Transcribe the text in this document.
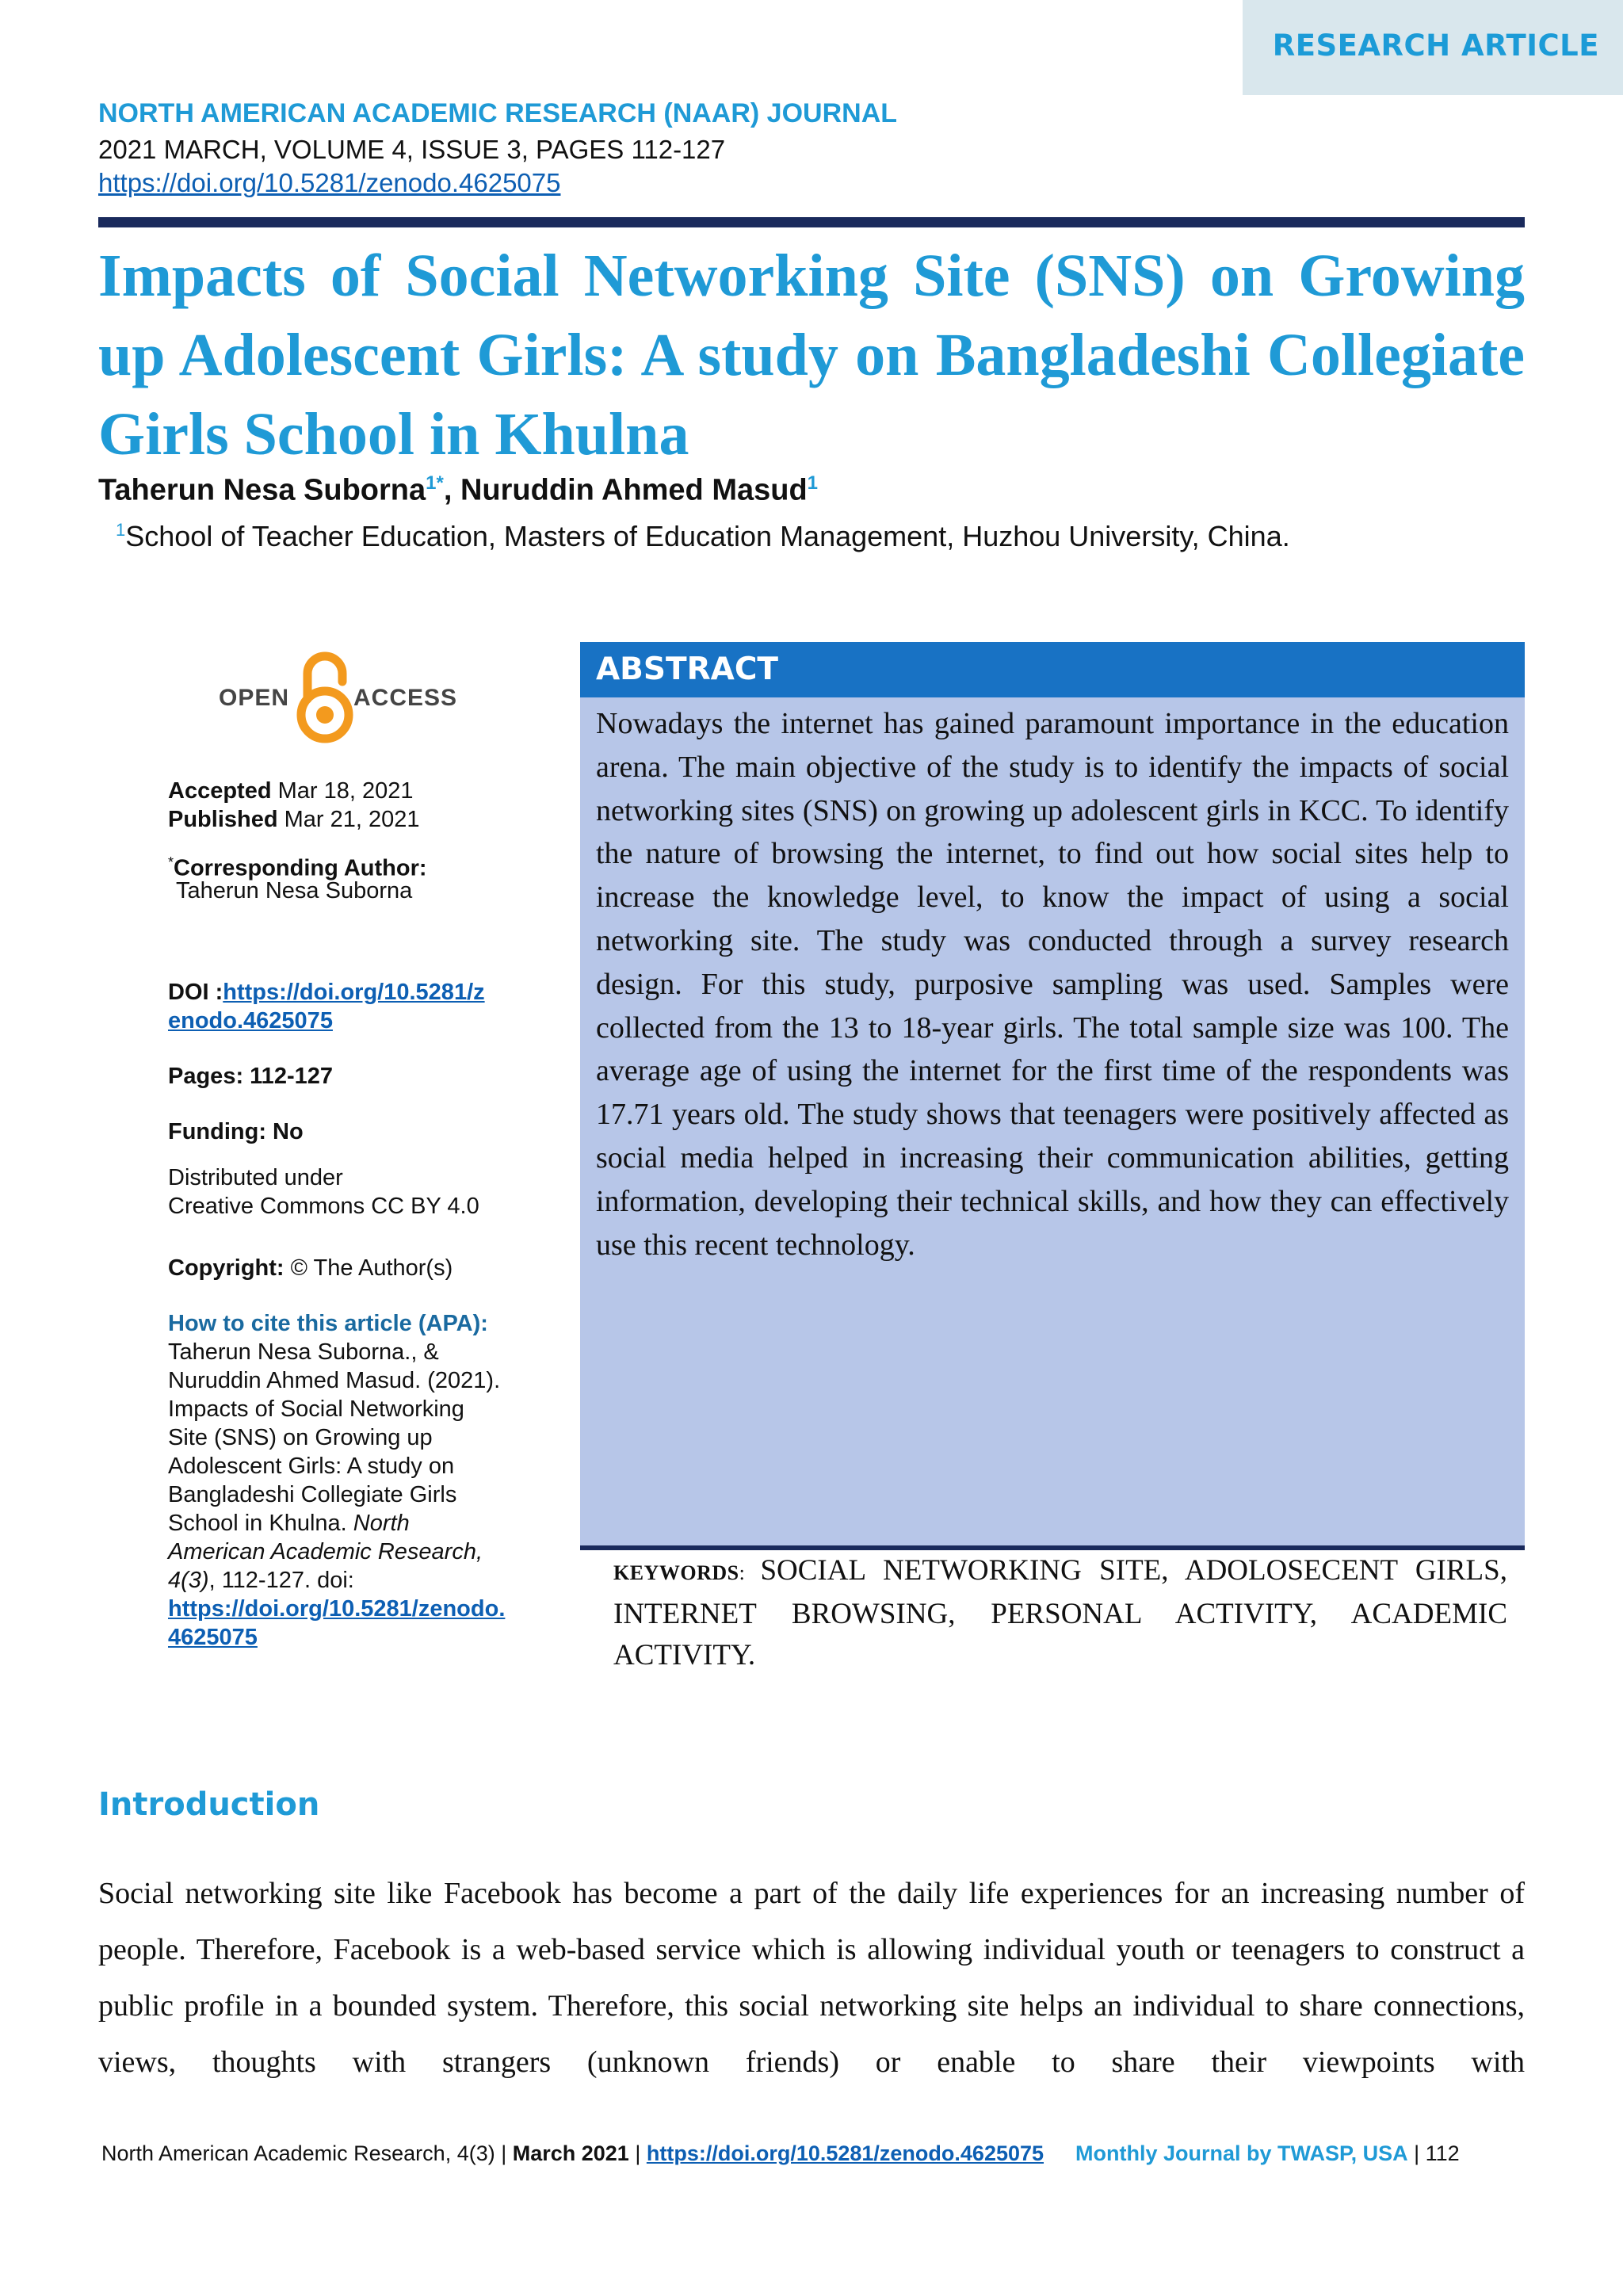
RESEARCH ARTICLE
NORTH AMERICAN ACADEMIC RESEARCH (NAAR) JOURNAL
2021 MARCH, VOLUME 4, ISSUE 3, PAGES 112-127
https://doi.org/10.5281/zenodo.4625075
Impacts of Social Networking Site (SNS) on Growing up Adolescent Girls: A study on Bangladeshi Collegiate Girls School in Khulna
Taherun Nesa Suborna$^{1*}$, Nuruddin Ahmed Masud$^1$
$^1$School of Teacher Education, Masters of Education Management, Huzhou University, China.
OPEN	ACCESS
Accepted Mar 18, 2021
Published Mar 21, 2021
*Corresponding Author:
Taherun Nesa Suborna
DOI :https://doi.org/10.5281/z
enodo.4625075
Pages: 112-127
Funding: No
Distributed under
Creative Commons CC BY 4.0
Copyright: © The Author(s)
How to cite this article (APA):
Taherun Nesa Suborna., &
Nuruddin Ahmed Masud. (2021).
Impacts of Social Networking
Site (SNS) on Growing up
Adolescent Girls: A study on
Bangladeshi Collegiate Girls
School in Khulna. North
American Academic Research,
4(3), 112-127. doi:
https://doi.org/10.5281/zenodo.
4625075
ABSTRACT

Nowadays the internet has gained paramount importance in the education arena. The main objective of the study is to identify the impacts of social networking sites (SNS) on growing up adolescent girls in KCC. To identify the nature of browsing the internet, to find out how social sites help to increase the knowledge level, to know the impact of using a social networking site. The study was conducted through a survey research design. For this study, purposive sampling was used. Samples were collected from the 13 to 18-year girls. The total sample size was 100. The average age of using the internet for the first time of the respondents was 17.71 years old. The study shows that teenagers were positively affected as social media helped in increasing their communication abilities, getting information, developing their technical skills, and how they can effectively use this recent technology.

KEYWORDS: SOCIAL NETWORKING SITE, ADOLOSECENT GIRLS, INTERNET BROWSING, PERSONAL ACTIVITY, ACADEMIC ACTIVITY.

Introduction

Social networking site like Facebook has become a part of the daily life experiences for an increasing number of people. Therefore, Facebook is a web-based service which is allowing individual youth or teenagers to construct a public profile in a bounded system. Therefore, this social networking site helps an individual to share connections, views, thoughts with strangers (unknown friends) or enable to share their viewpoints with

North American Academic Research, 4(3) | March 2021 | https://doi.org/10.5281/zenodo.4625075 Monthly Journal by TWASP, USA | 112
